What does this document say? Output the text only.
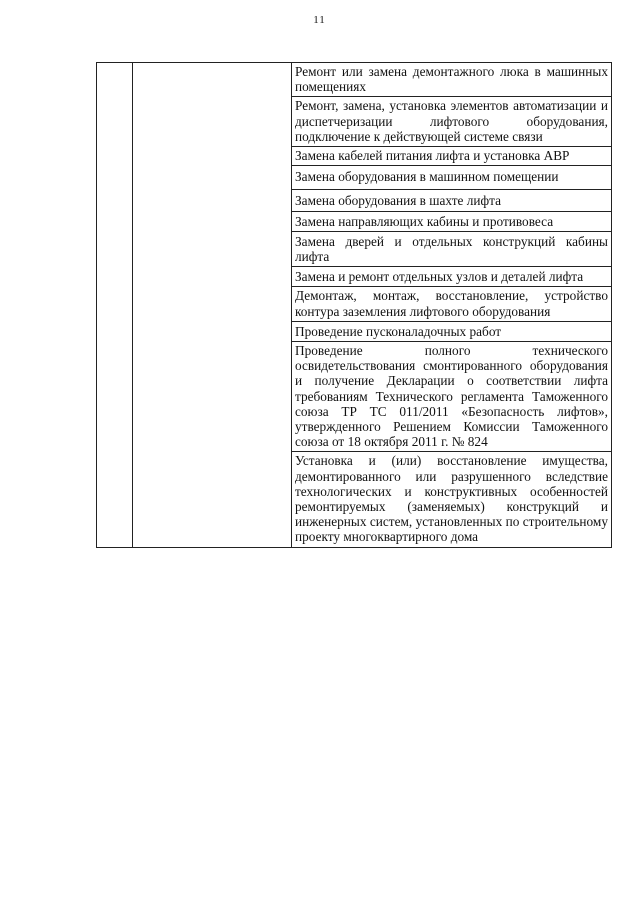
11

Ремонт или замена демонтажного люка в машинных помещениях

Ремонт, замена, установка элементов автоматизации и диспетчеризации лифтового оборудования, подключение к действующей системе связи

Замена кабелей питания лифта и установка АВР

Замена оборудования в машинном помещении

Замена оборудования в шахте лифта

Замена направляющих кабины и противовеса

Замена дверей и отдельных конструкций кабины лифта

Замена и ремонт отдельных узлов и деталей лифта

Демонтаж, монтаж, восстановление, устройство контура заземления лифтового оборудования

Проведение пусконаладочных работ

Проведение полного технического освидетельствования смонтированного оборудования и получение Декларации о соответствии лифта требованиям Технического регламента Таможенного союза ТР ТС 011/2011 «Безопасность лифтов», утвержденного Решением Комиссии Таможенного союза от 18 октября 2011 г. № 824

Установка и (или) восстановление имущества, демонтированного или разрушенного вследствие технологических и конструктивных особенностей ремонтируемых (заменяемых) конструкций и инженерных систем, установленных по строительному проекту многоквартирного дома
